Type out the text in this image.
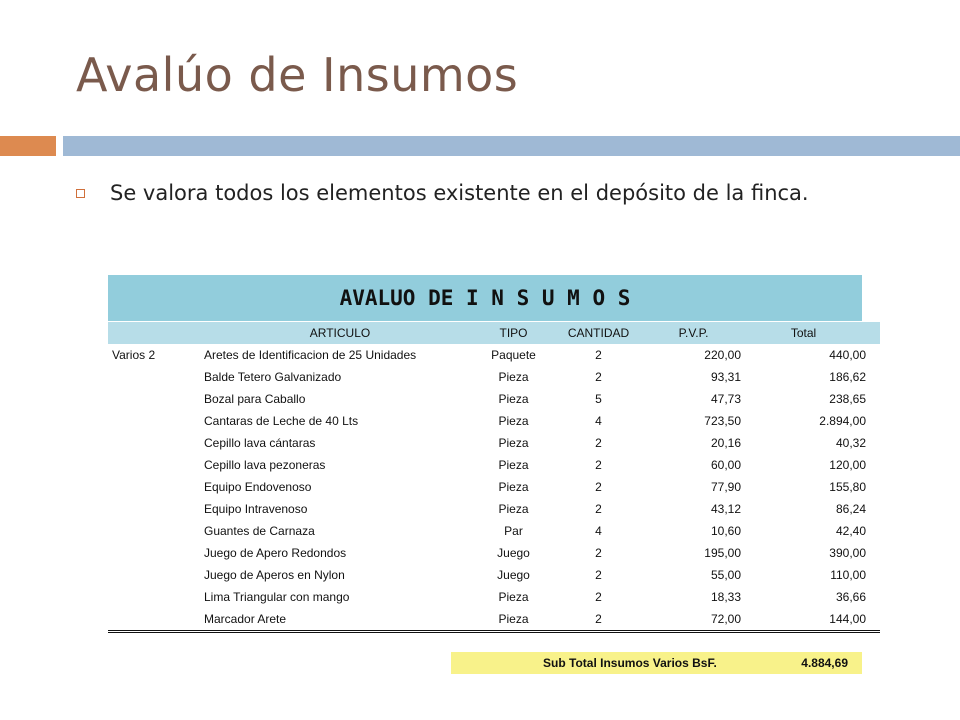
Avalúo de Insumos
Se valora todos los elementos existente en el depósito de la finca.
AVALUO DE I N S U M O S
	ARTICULO	TIPO	CANTIDAD	P.V.P.	Total
Varios 2	Aretes de Identificacion de 25 Unidades	Paquete	2	220,00	440,00
	Balde Tetero Galvanizado	Pieza	2	93,31	186,62
	Bozal para Caballo	Pieza	5	47,73	238,65
	Cantaras de Leche de 40 Lts	Pieza	4	723,50	2.894,00
	Cepillo lava cántaras	Pieza	2	20,16	40,32
	Cepillo lava pezoneras	Pieza	2	60,00	120,00
	Equipo Endovenoso	Pieza	2	77,90	155,80
	Equipo Intravenoso	Pieza	2	43,12	86,24
	Guantes de Carnaza	Par	4	10,60	42,40
	Juego de Apero Redondos	Juego	2	195,00	390,00
	Juego de Aperos en Nylon	Juego	2	55,00	110,00
	Lima Triangular con mango	Pieza	2	18,33	36,66
	Marcador Arete	Pieza	2	72,00	144,00
Sub Total Insumos Varios BsF.	4.884,69
